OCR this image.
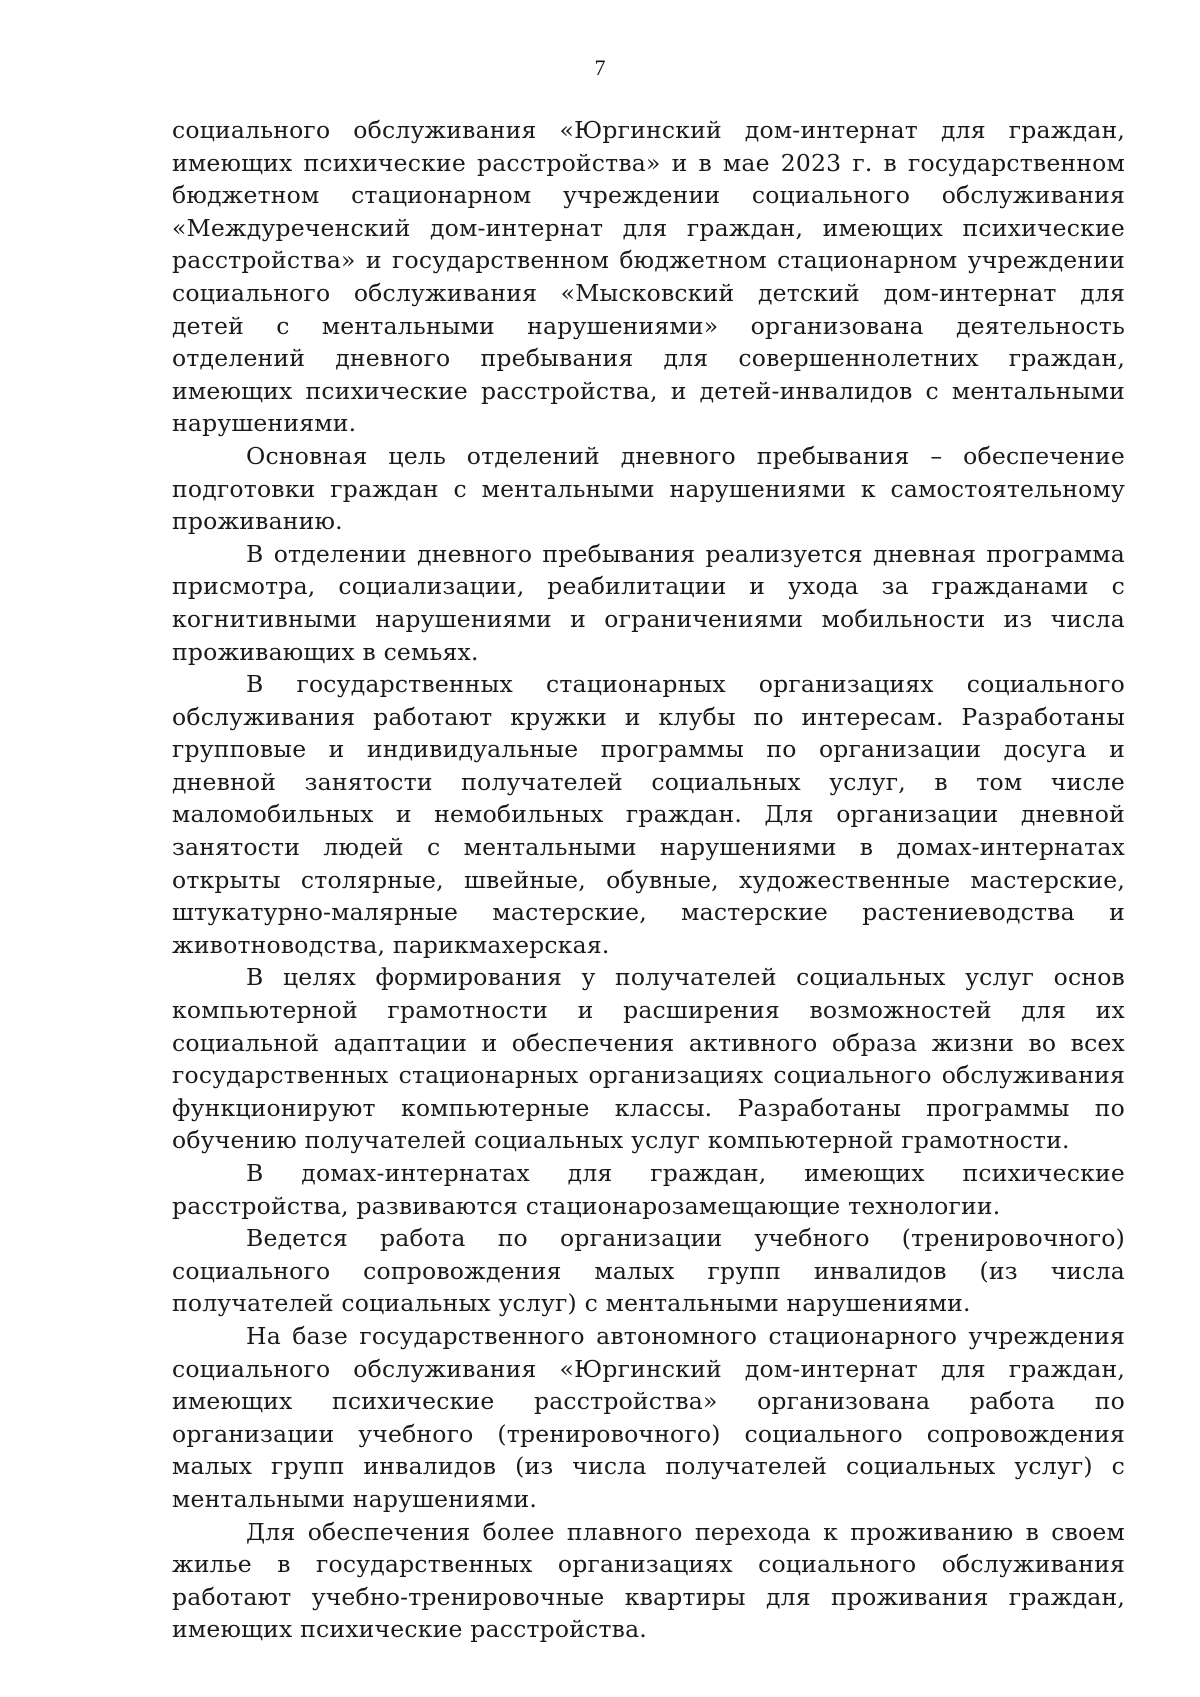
7

социального обслуживания «Юргинский дом-интернат для граждан, имеющих психические расстройства» и в мае 2023 г. в государственном бюджетном стационарном учреждении социального обслуживания «Междуреченский дом-интернат для граждан, имеющих психические расстройства» и государственном бюджетном стационарном учреждении социального обслуживания «Мысковский детский дом-интернат для детей с ментальными нарушениями» организована деятельность отделений дневного пребывания для совершеннолетних граждан, имеющих психические расстройства, и детей-инвалидов с ментальными нарушениями.

Основная цель отделений дневного пребывания – обеспечение подготовки граждан с ментальными нарушениями к самостоятельному проживанию.

В отделении дневного пребывания реализуется дневная программа присмотра, социализации, реабилитации и ухода за гражданами с когнитивными нарушениями и ограничениями мобильности из числа проживающих в семьях.

В государственных стационарных организациях социального обслуживания работают кружки и клубы по интересам. Разработаны групповые и индивидуальные программы по организации досуга и дневной занятости получателей социальных услуг, в том числе маломобильных и немобильных граждан. Для организации дневной занятости людей с ментальными нарушениями в домах-интернатах открыты столярные, швейные, обувные, художественные мастерские, штукатурно-малярные мастерские, мастерские растениеводства и животноводства, парикмахерская.

В целях формирования у получателей социальных услуг основ компьютерной грамотности и расширения возможностей для их социальной адаптации и обеспечения активного образа жизни во всех государственных стационарных организациях социального обслуживания функционируют компьютерные классы. Разработаны программы по обучению получателей социальных услуг компьютерной грамотности.

В домах-интернатах для граждан, имеющих психические расстройства, развиваются стационарозамещающие технологии.

Ведется работа по организации учебного (тренировочного) социального сопровождения малых групп инвалидов (из числа получателей социальных услуг) с ментальными нарушениями.

На базе государственного автономного стационарного учреждения социального обслуживания «Юргинский дом-интернат для граждан, имеющих психические расстройства» организована работа по организации учебного (тренировочного) социального сопровождения малых групп инвалидов (из числа получателей социальных услуг) с ментальными нарушениями.

Для обеспечения более плавного перехода к проживанию в своем жилье в государственных организациях социального обслуживания работают учебно-тренировочные квартиры для проживания граждан, имеющих психические расстройства.
